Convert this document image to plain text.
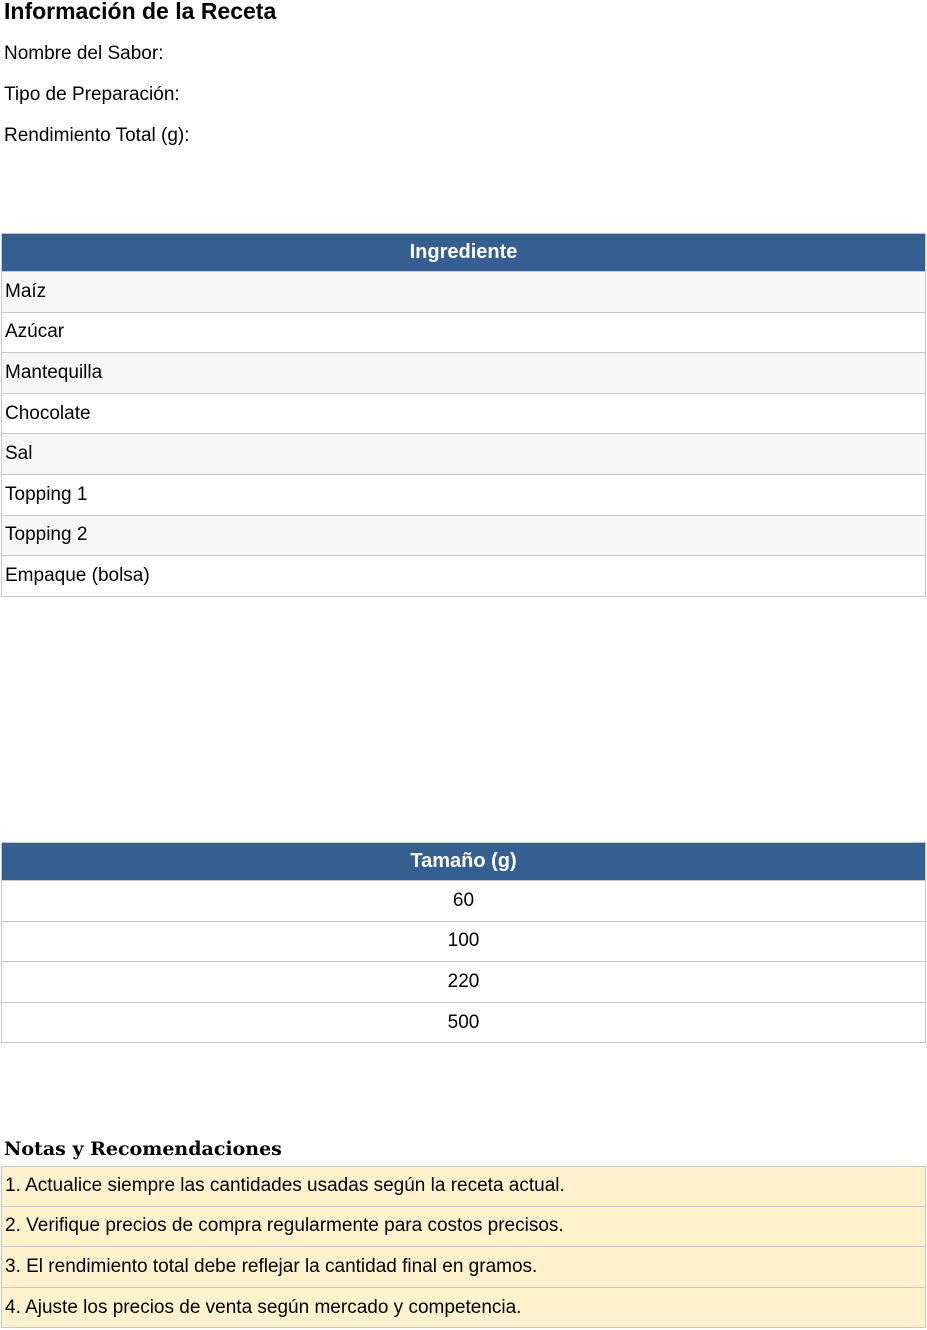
Información de la Receta
Nombre del Sabor:
Tipo de Preparación:
Rendimiento Total (g):
Ingrediente
Maíz
Azúcar
Mantequilla
Chocolate
Sal
Topping 1
Topping 2
Empaque (bolsa)
Tamaño (g)
60
100
220
500
Notas y Recomendaciones
1. Actualice siempre las cantidades usadas según la receta actual.
2. Verifique precios de compra regularmente para costos precisos.
3. El rendimiento total debe reflejar la cantidad final en gramos.
4. Ajuste los precios de venta según mercado y competencia.
